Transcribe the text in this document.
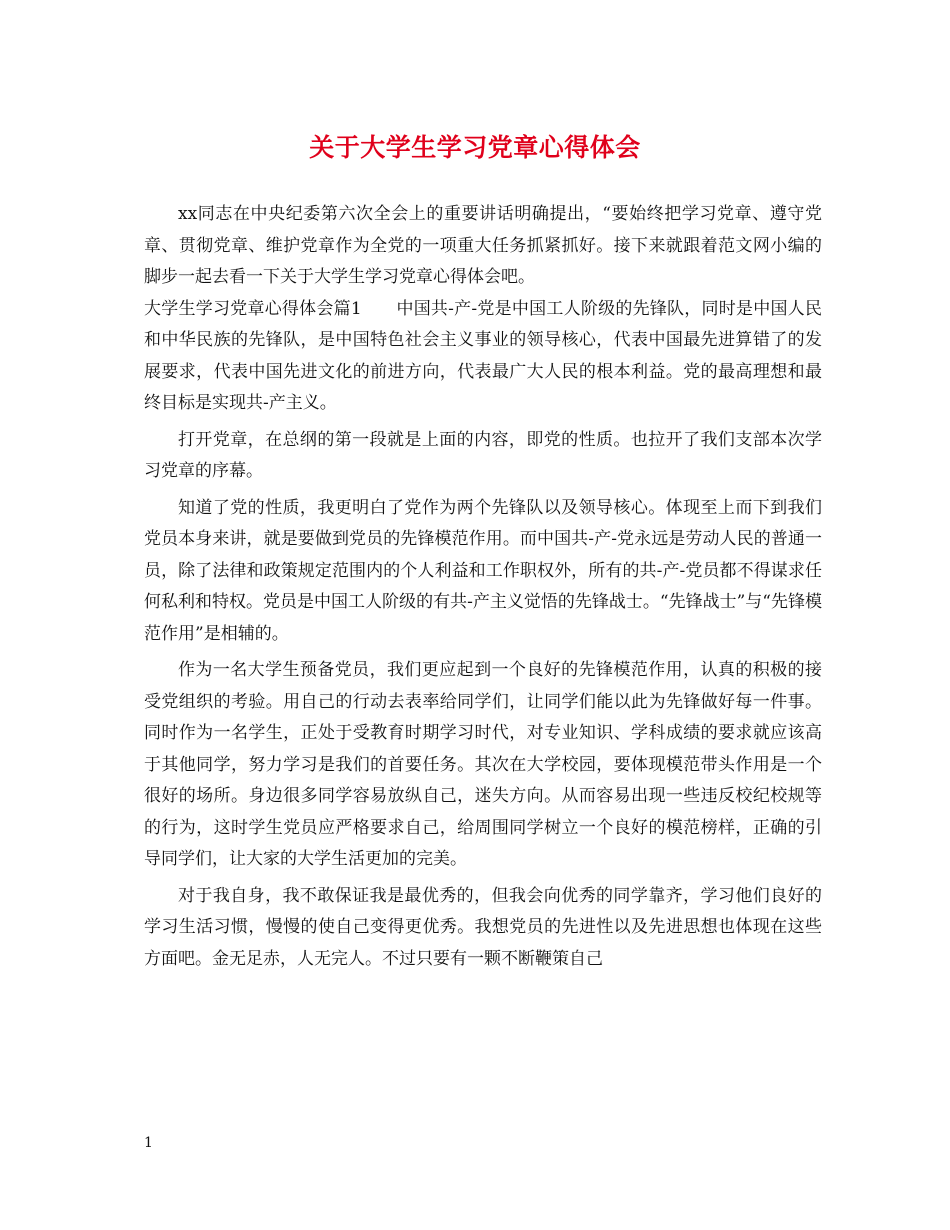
关于大学生学习党章心得体会

xx同志在中央纪委第六次全会上的重要讲话明确提出，“要始终把学习党章、遵守党章、贯彻党章、维护党章作为全党的一项重大任务抓紧抓好。接下来就跟着范文网小编的脚步一起去看一下关于大学生学习党章心得体会吧。

大学生学习党章心得体会篇1　　中国共-产-党是中国工人阶级的先锋队，同时是中国人民和中华民族的先锋队，是中国特色社会主义事业的领导核心，代表中国最先进算错了的发展要求，代表中国先进文化的前进方向，代表最广大人民的根本利益。党的最高理想和最终目标是实现共-产主义。

打开党章，在总纲的第一段就是上面的内容，即党的性质。也拉开了我们支部本次学习党章的序幕。

知道了党的性质，我更明白了党作为两个先锋队以及领导核心。体现至上而下到我们党员本身来讲，就是要做到党员的先锋模范作用。而中国共-产-党永远是劳动人民的普通一员，除了法律和政策规定范围内的个人利益和工作职权外，所有的共-产-党员都不得谋求任何私利和特权。党员是中国工人阶级的有共-产主义觉悟的先锋战士。“先锋战士”与“先锋模范作用”是相辅的。

作为一名大学生预备党员，我们更应起到一个良好的先锋模范作用，认真的积极的接受党组织的考验。用自己的行动去表率给同学们，让同学们能以此为先锋做好每一件事。同时作为一名学生，正处于受教育时期学习时代，对专业知识、学科成绩的要求就应该高于其他同学，努力学习是我们的首要任务。其次在大学校园，要体现模范带头作用是一个很好的场所。身边很多同学容易放纵自己，迷失方向。从而容易出现一些违反校纪校规等的行为，这时学生党员应严格要求自己，给周围同学树立一个良好的模范榜样，正确的引导同学们，让大家的大学生活更加的完美。

对于我自身，我不敢保证我是最优秀的，但我会向优秀的同学靠齐，学习他们良好的学习生活习惯，慢慢的使自己变得更优秀。我想党员的先进性以及先进思想也体现在这些方面吧。金无足赤，人无完人。不过只要有一颗不断鞭策自己

1
